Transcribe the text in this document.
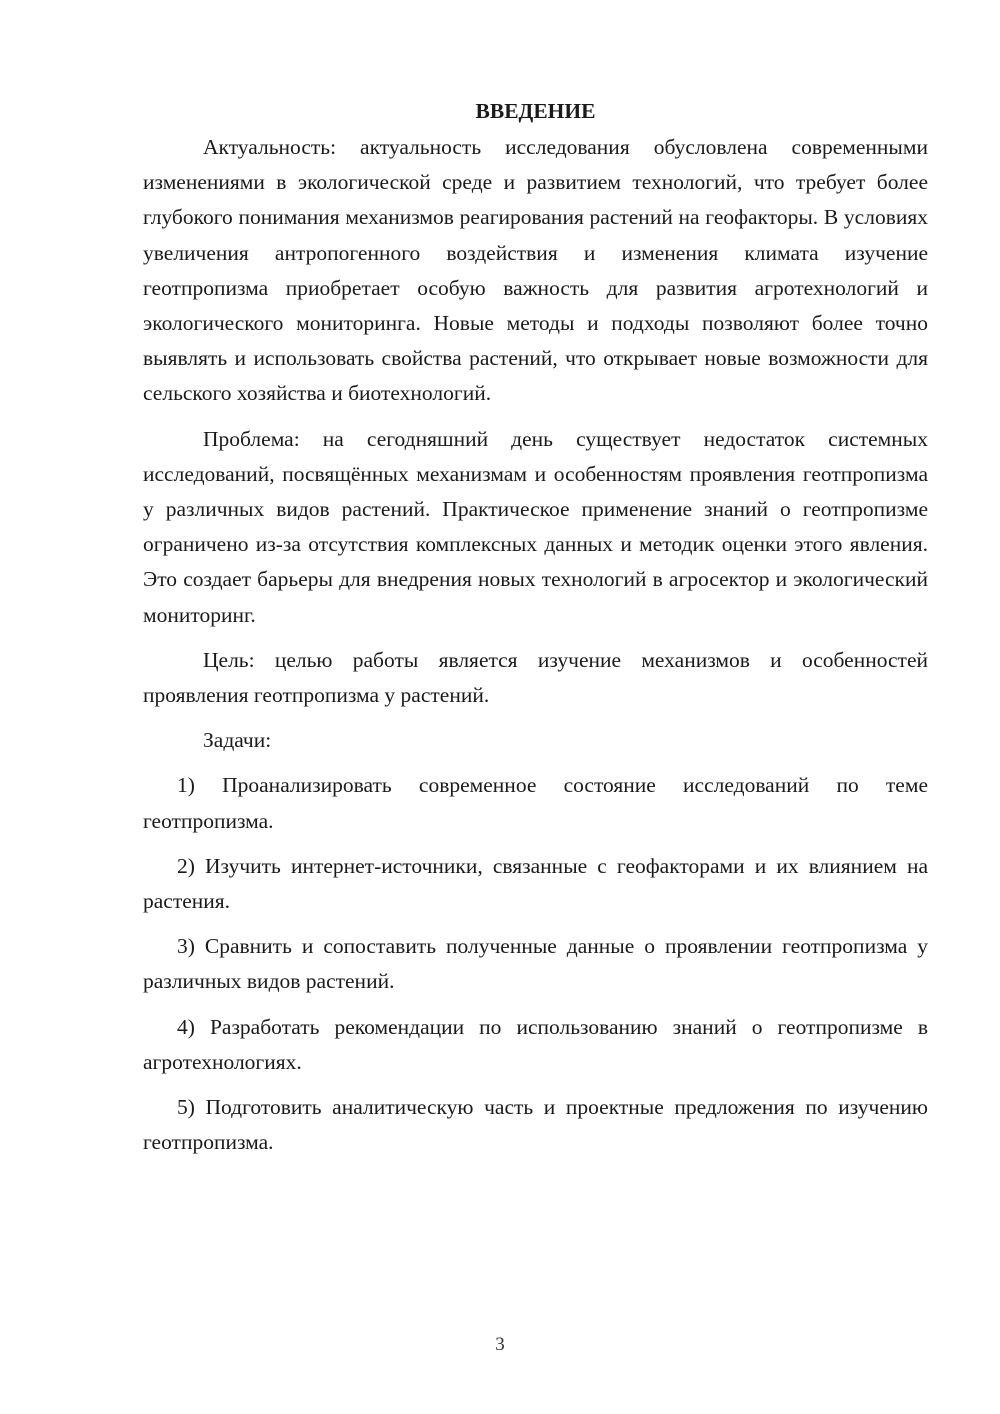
ВВЕДЕНИЕ

Актуальность: актуальность исследования обусловлена современными изменениями в экологической среде и развитием технологий, что требует более глубокого понимания механизмов реагирования растений на геофакторы. В условиях увеличения антропогенного воздействия и изменения климата изучение геотпропизма приобретает особую важность для развития агротехнологий и экологического мониторинга. Новые методы и подходы позволяют более точно выявлять и использовать свойства растений, что открывает новые возможности для сельского хозяйства и биотехнологий.

Проблема: на сегодняшний день существует недостаток системных исследований, посвящённых механизмам и особенностям проявления геотпропизма у различных видов растений. Практическое применение знаний о геотпропизме ограничено из-за отсутствия комплексных данных и методик оценки этого явления. Это создает барьеры для внедрения новых технологий в агросектор и экологический мониторинг.

Цель: целью работы является изучение механизмов и особенностей проявления геотпропизма у растений.

Задачи:

1) Проанализировать современное состояние исследований по теме геотпропизма.

2) Изучить интернет-источники, связанные с геофакторами и их влиянием на растения.

3) Сравнить и сопоставить полученные данные о проявлении геотпропизма у различных видов растений.

4) Разработать рекомендации по использованию знаний о геотпропизме в агротехнологиях.

5) Подготовить аналитическую часть и проектные предложения по изучению геотпропизма.

3
